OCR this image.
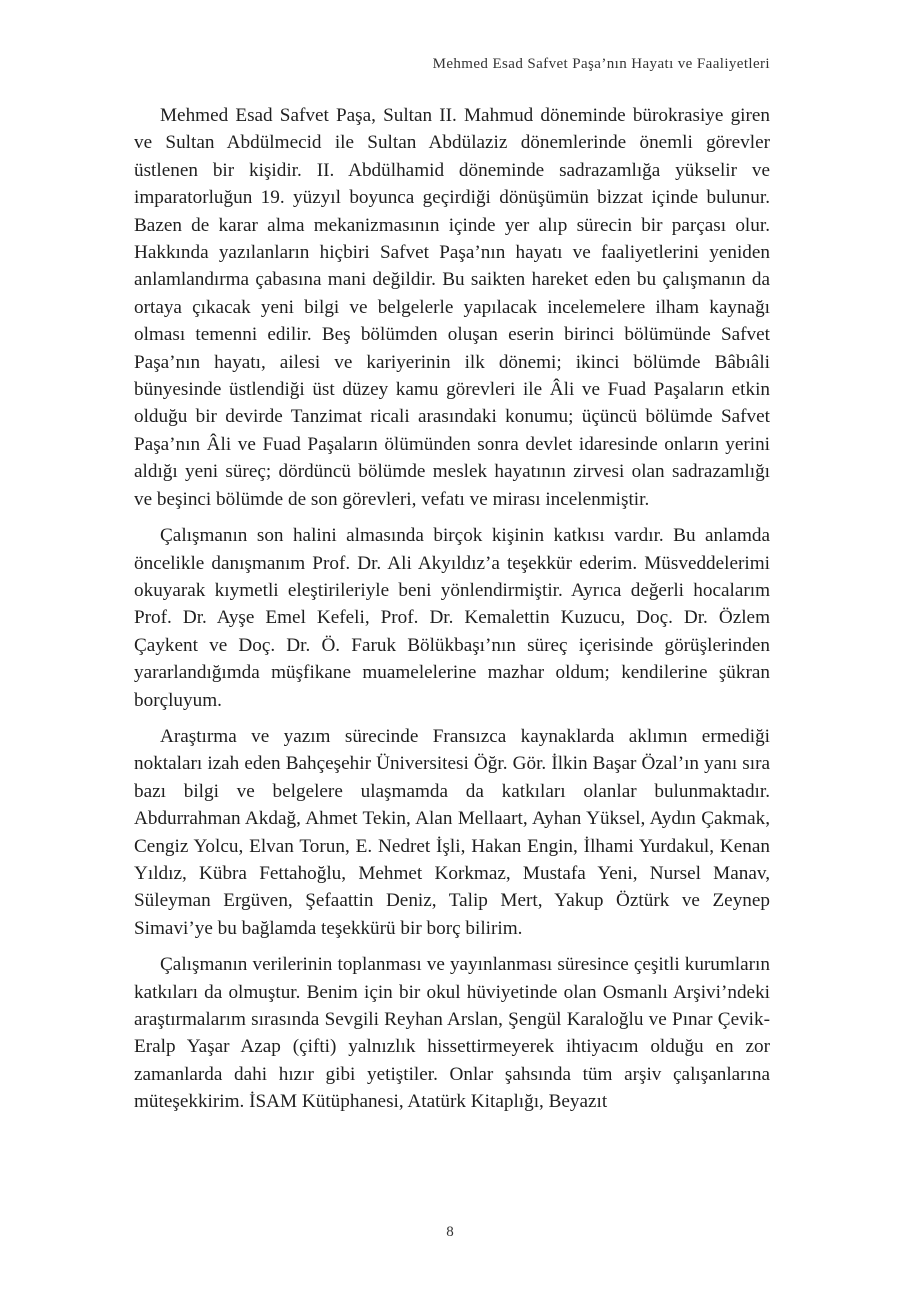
Mehmed Esad Safvet Paşa’nın Hayatı ve Faaliyetleri

Mehmed Esad Safvet Paşa, Sultan II. Mahmud döneminde bürokrasiye giren ve Sultan Abdülmecid ile Sultan Abdülaziz dönemlerinde önemli görevler üstlenen bir kişidir. II. Abdülhamid döneminde sadrazamlığa yükselir ve imparatorluğun 19. yüzyıl boyunca geçirdiği dönüşümün bizzat içinde bulunur. Bazen de karar alma mekanizmasının içinde yer alıp sürecin bir parçası olur. Hakkında yazılanların hiçbiri Safvet Paşa’nın hayatı ve faaliyetlerini yeniden anlamlandırma çabasına mani değildir. Bu saikten hareket eden bu çalışmanın da ortaya çıkacak yeni bilgi ve belgelerle yapılacak incelemelere ilham kaynağı olması temenni edilir. Beş bölümden oluşan eserin birinci bölümünde Safvet Paşa’nın hayatı, ailesi ve kariyerinin ilk dönemi; ikinci bölümde Bâbıâli bünyesinde üstlendiği üst düzey kamu görevleri ile Âli ve Fuad Paşaların etkin olduğu bir devirde Tanzimat ricali arasındaki konumu; üçüncü bölümde Safvet Paşa’nın Âli ve Fuad Paşaların ölümünden sonra devlet idaresinde onların yerini aldığı yeni süreç; dördüncü bölümde meslek hayatının zirvesi olan sadrazamlığı ve beşinci bölümde de son görevleri, vefatı ve mirası incelenmiştir.

Çalışmanın son halini almasında birçok kişinin katkısı vardır. Bu anlamda öncelikle danışmanım Prof. Dr. Ali Akyıldız’a teşekkür ederim. Müsveddelerimi okuyarak kıymetli eleştirileriyle beni yönlendirmiştir. Ayrıca değerli hocalarım Prof. Dr. Ayşe Emel Kefeli, Prof. Dr. Kemalettin Kuzucu, Doç. Dr. Özlem Çaykent ve Doç. Dr. Ö. Faruk Bölükbaşı’nın süreç içerisinde görüşlerinden yararlandığımda müşfikane muamelelerine mazhar oldum; kendilerine şükran borçluyum.

Araştırma ve yazım sürecinde Fransızca kaynaklarda aklımın ermediği noktaları izah eden Bahçeşehir Üniversitesi Öğr. Gör. İlkin Başar Özal’ın yanı sıra bazı bilgi ve belgelere ulaşmamda da katkıları olanlar bulunmaktadır. Abdurrahman Akdağ, Ahmet Tekin, Alan Mellaart, Ayhan Yüksel, Aydın Çakmak, Cengiz Yolcu, Elvan Torun, E. Nedret İşli, Hakan Engin, İlhami Yurdakul, Kenan Yıldız, Kübra Fettahoğlu, Mehmet Korkmaz, Mustafa Yeni, Nursel Manav, Süleyman Ergüven, Şefaattin Deniz, Talip Mert, Yakup Öztürk ve Zeynep Simavi’ye bu bağlamda teşekkürü bir borç bilirim.

Çalışmanın verilerinin toplanması ve yayınlanması süresince çeşitli kurumların katkıları da olmuştur. Benim için bir okul hüviyetinde olan Osmanlı Arşivi’ndeki araştırmalarım sırasında Sevgili Reyhan Arslan, Şengül Karaloğlu ve Pınar Çevik-Eralp Yaşar Azap (çifti) yalnızlık hissettirmeyerek ihtiyacım olduğu en zor zamanlarda dahi hızır gibi yetiştiler. Onlar şahsında tüm arşiv çalışanlarına müteşekkirim. İSAM Kütüphanesi, Atatürk Kitaplığı, Beyazıt

8
